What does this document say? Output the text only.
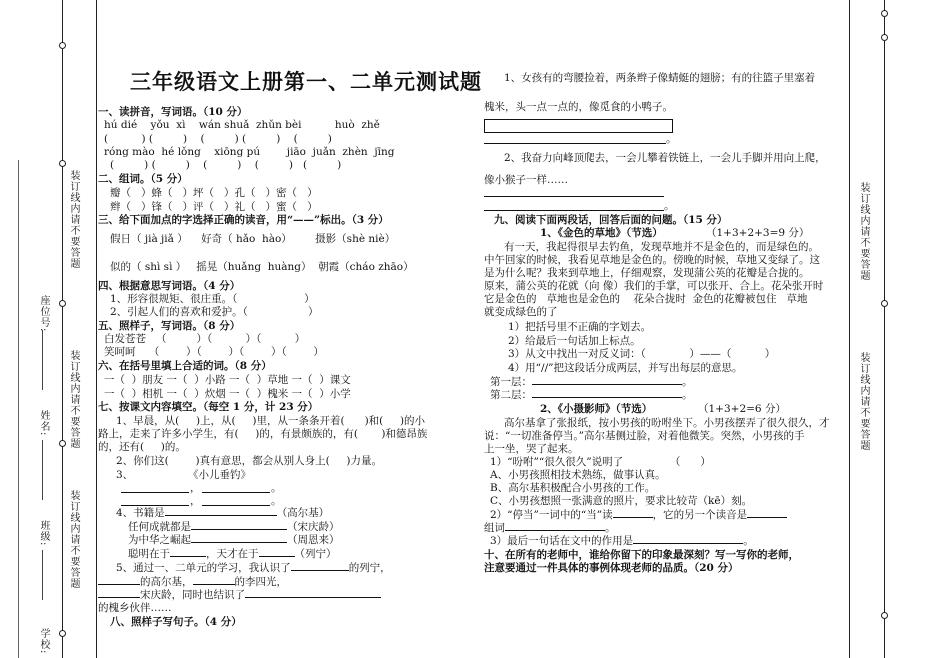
装订线内请不要答题
装订线内请不要答题
装订线内请不要答题
座位号:
姓名:
班级:
学校:
装订线内请不要答题
装订线内请不要答题
三年级语文上册第一、二单元测试题
一、读拼音，写词语。（10 分）
hú dié    yǒu  xì    wán shuǎ  zhǔn bèi          huò  zhě
(          ) (         )    (         ) (         )    (         )
róng mào  hé lǒng    xiōng pú        jiāo  juǎn  zhèn  jīng
(         ) (         )    (         )    (         )   (         )
二、组词。（5 分）
瓣（   ）蜂（   ）坪（   ）孔（   ）密（   ）
辫（   ）锋（   ）评（   ）礼（   ）蜜（   ）
三、给下面加点的字选择正确的读音，用“——”标出。（3 分）
假日（ jià jiǎ ）    好奇（ hǎo  hào）       摄影（shè niè）
似的（ shì sì ）   摇晃（huǎng  huàng）  朝霞（cháo zhāo）
四、根据意思写词语。（4 分）
1、形容很规矩、很庄重。（                    ）
2、引起人们的喜欢和爱护。（                  ）
五、照样子，写词语。（8 分）
白发苍苍   （         ）（          ）（          ）
笑呵呵    （        ）（        ）（        ）（        ）
六、在括号里填上合适的词。（8 分）
一（  ）朋友 一（  ）小路 一（  ）草地 一（  ）课文
一（  ）相机 一（  ）炊烟 一（  ）槐米 一（  ）小学
七、按课文内容填空。（每空 1 分，计 23 分）
1、早晨，从(     )上，从(     )里，从一条条开着(      )和(     )的小
路上，走来了许多小学生，有(     )的，有景颇族的，有(       )和德昂族
的，还有(     )的。
2、你们这(        )真有意思，都会从别人身上(     )力量。
3、	《小儿垂钓》
，	。
，	。
4、书籍是	（高尔基）
任何成就都是	（宋庆龄）
为中华之崛起	（周恩来）
聪明在于	，天才在于	（列宁）
5、通过一、二单元的学习，我认识了	的列宁，
的高尔基，	的李四光，
宋庆龄，同时也结识了
的槐乡伙伴……
八、照样子写句子。（4 分）
1、女孩有的弯腰捡着，两条辫子像蜻蜓的翅膀；有的往篮子里塞着
槐米，头一点一点的，像觅食的小鸭子。
。
2、我奋力向峰顶爬去，一会儿攀着铁链上，一会儿手脚并用向上爬，
像小猴子一样……
。
九、阅读下面两段话，回答后面的问题。（15 分）
1、《金色的草地》（节选）	（1+3+2+3=9 分）
有一天，我起得很早去钓鱼，发现草地并不是金色的，而是绿色的。
中午回家的时候，我看见草地是金色的。傍晚的时候，草地又变绿了。这
是为什么呢？我来到草地上，仔细观察，发现蒲公英的花瓣是合拢的。
原来，蒲公英的花就（向 像）我们的手掌，可以张开、合上。花朵张开时
它是金色的   草地也是金色的    花朵合拢时  金色的花瓣被包住   草地
就变成绿色的了
1）把括号里不正确的字划去。
2）给最后一句话加上标点。
3）从文中找出一对反义词：（             ）——（          ）
4）用“//”把这段话分成两层，并写出每层的意思。
第一层：	。
第二层：	。
2、《小摄影师》（节选）	（1+3+2=6 分）
高尔基拿了张报纸，按小男孩的吩咐坐下。小男孩摆弄了很久很久，才
说：“一切准备停当。”高尔基侧过脸，对着他微笑。突然，小男孩的手
上一坐，哭了起来。
1）“吩咐”“很久很久”说明了              （      ）
A、小男孩照相技术熟练，做事认真。
B、高尔基积极配合小男孩的工作。
C、小男孩想照一张满意的照片，要求比较苛（kē）刻。
2）“停当”一词中的“当”读	，它的另一个读音是
组词	。
3）最后一句话在文中的作用是	。
十、在所有的老师中，谁给你留下的印象最深刻？写一写你的老师，
注意要通过一件具体的事例体现老师的品质。（20 分）
